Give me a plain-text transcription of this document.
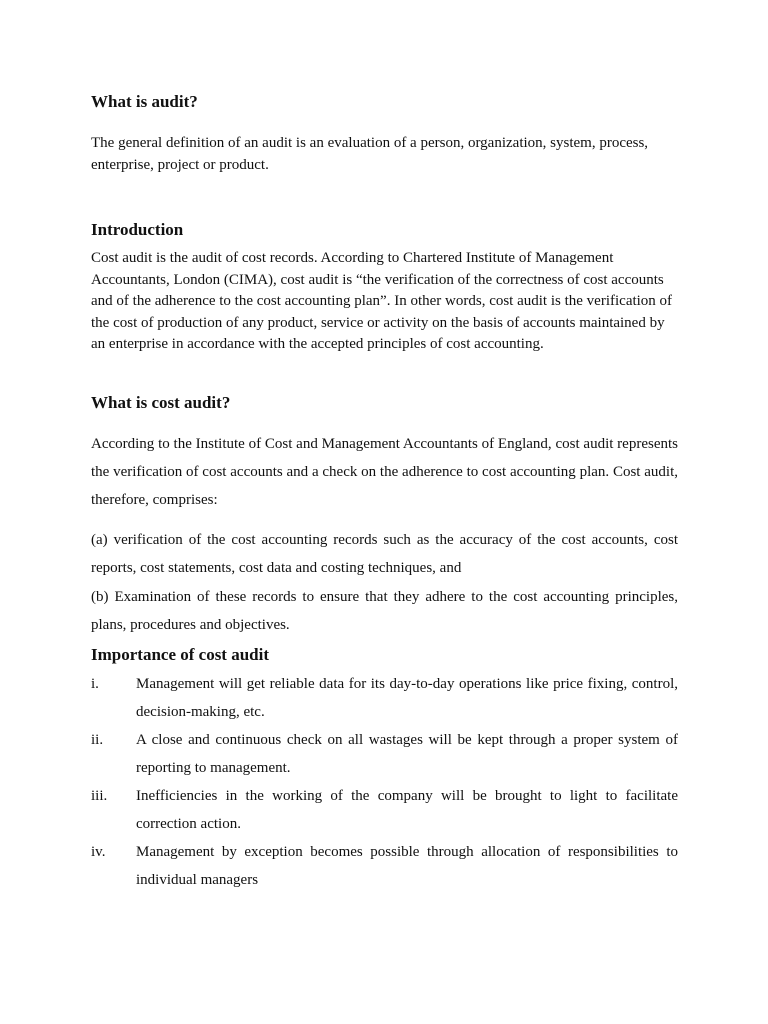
What is audit?

The general definition of an audit is an evaluation of a person, organization, system, process, enterprise, project or product.

Introduction

Cost audit is the audit of cost records. According to Chartered Institute of Management Accountants, London (CIMA), cost audit is “the verification of the correctness of cost accounts and of the adherence to the cost accounting plan”. In other words, cost audit is the verification of the cost of production of any product, service or activity on the basis of accounts maintained by an enterprise in accordance with the accepted principles of cost accounting.

What is cost audit?

According to the Institute of Cost and Management Accountants of England, cost audit represents the verification of cost accounts and a check on the adherence to cost accounting plan. Cost audit, therefore, comprises:

(a) verification of the cost accounting records such as the accuracy of the cost accounts, cost reports, cost statements, cost data and costing techniques, and

(b) Examination of these records to ensure that they adhere to the cost accounting principles, plans, procedures and objectives.

Importance of cost audit
i.	Management will get reliable data for its day-to-day operations like price fixing, control, decision-making, etc.
ii.	A close and continuous check on all wastages will be kept through a proper system of reporting to management.
iii.	Inefficiencies in the working of the company will be brought to light to facilitate correction action.
iv.	Management by exception becomes possible through allocation of responsibilities to individual managers
